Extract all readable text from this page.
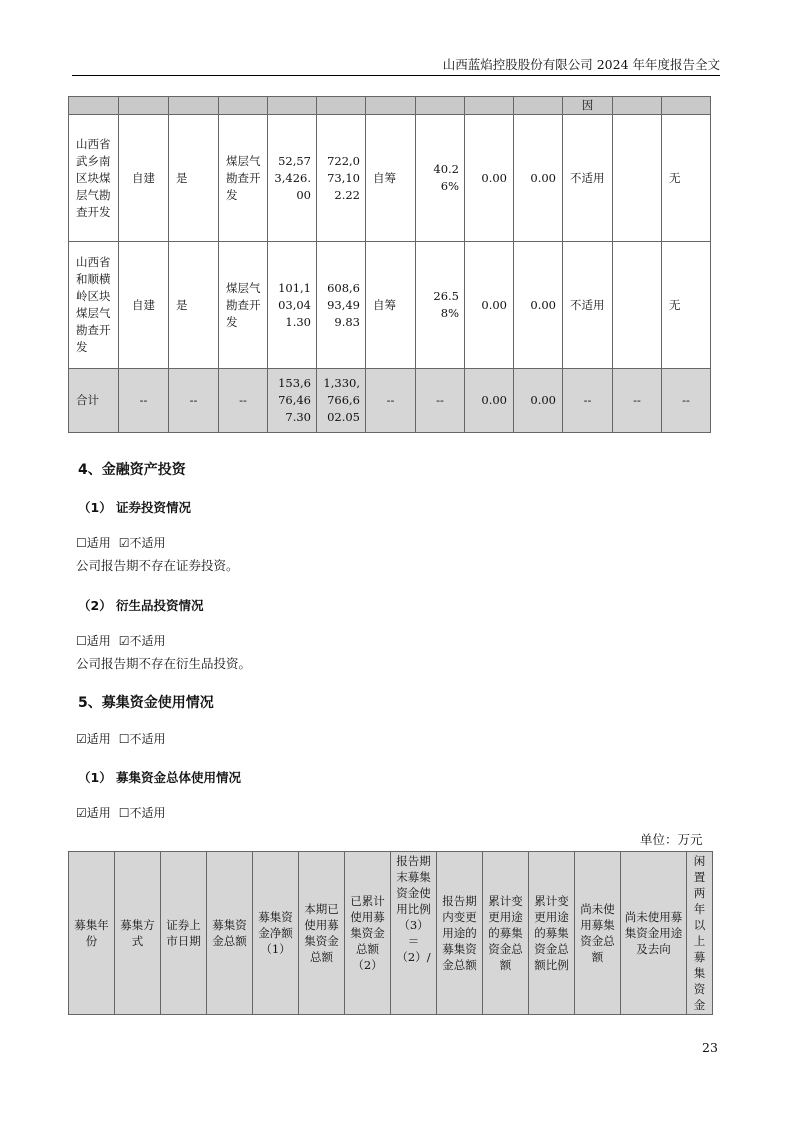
山西蓝焰控股股份有限公司 2024 年年度报告全文
										因		
山西省武乡南区块煤层气勘查开发	自建	是	煤层气勘查开发	52,573,426.00	722,073,102.22	自筹	40.26%	0.00	0.00	不适用		无
山西省和顺横岭区块煤层气勘查开发	自建	是	煤层气勘查开发	101,103,041.30	608,693,499.83	自筹	26.58%	0.00	0.00	不适用		无
合计	--	--	--	153,676,467.30	1,330,766,602.05	--	--	0.00	0.00	--	--	--
4、金融资产投资
（1） 证券投资情况
☐适用 ☑不适用
公司报告期不存在证券投资。
（2） 衍生品投资情况
☐适用 ☑不适用
公司报告期不存在衍生品投资。
5、募集资金使用情况
☑适用 ☐不适用
（1） 募集资金总体使用情况
☑适用 ☐不适用
单位：万元
募集年份	募集方式	证券上市日期	募集资金总额	募集资金净额（1）	本期已使用募集资金总额	已累计使用募集资金总额（2）	报告期末募集资金使用比例（3）＝（2）/	报告期内变更用途的募集资金总额	累计变更用途的募集资金总额	累计变更用途的募集资金总额比例	尚未使用募集资金总额	尚未使用募集资金用途及去向	闲置两年以上募集资金
23
